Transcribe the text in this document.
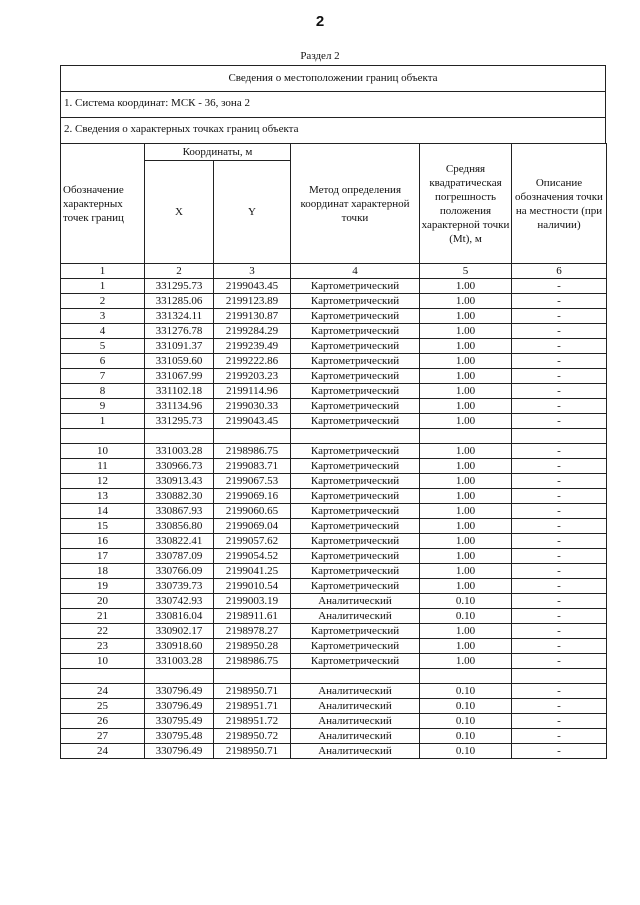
2
Раздел 2
Сведения о местоположении границ объекта
1. Система координат: МСК - 36, зона 2
2. Сведения о характерных точках границ объекта
Обозначение характерных точек границ	Координаты, м		Метод определения координат характерной точки	Средняя квадратическая погрешность положения характерной точки (Mt), м	Описание обозначения точки на местности (при наличии)
	X	Y			
1	2	3	4	5	6
1	331295.73	2199043.45	Картометрический	1.00	-
2	331285.06	2199123.89	Картометрический	1.00	-
3	331324.11	2199130.87	Картометрический	1.00	-
4	331276.78	2199284.29	Картометрический	1.00	-
5	331091.37	2199239.49	Картометрический	1.00	-
6	331059.60	2199222.86	Картометрический	1.00	-
7	331067.99	2199203.23	Картометрический	1.00	-
8	331102.18	2199114.96	Картометрический	1.00	-
9	331134.96	2199030.33	Картометрический	1.00	-
1	331295.73	2199043.45	Картометрический	1.00	-

10	331003.28	2198986.75	Картометрический	1.00	-
11	330966.73	2199083.71	Картометрический	1.00	-
12	330913.43	2199067.53	Картометрический	1.00	-
13	330882.30	2199069.16	Картометрический	1.00	-
14	330867.93	2199060.65	Картометрический	1.00	-
15	330856.80	2199069.04	Картометрический	1.00	-
16	330822.41	2199057.62	Картометрический	1.00	-
17	330787.09	2199054.52	Картометрический	1.00	-
18	330766.09	2199041.25	Картометрический	1.00	-
19	330739.73	2199010.54	Картометрический	1.00	-
20	330742.93	2199003.19	Аналитический	0.10	-
21	330816.04	2198911.61	Аналитический	0.10	-
22	330902.17	2198978.27	Картометрический	1.00	-
23	330918.60	2198950.28	Картометрический	1.00	-
10	331003.28	2198986.75	Картометрический	1.00	-

24	330796.49	2198950.71	Аналитический	0.10	-
25	330796.49	2198951.71	Аналитический	0.10	-
26	330795.49	2198951.72	Аналитический	0.10	-
27	330795.48	2198950.72	Аналитический	0.10	-
24	330796.49	2198950.71	Аналитический	0.10	-
